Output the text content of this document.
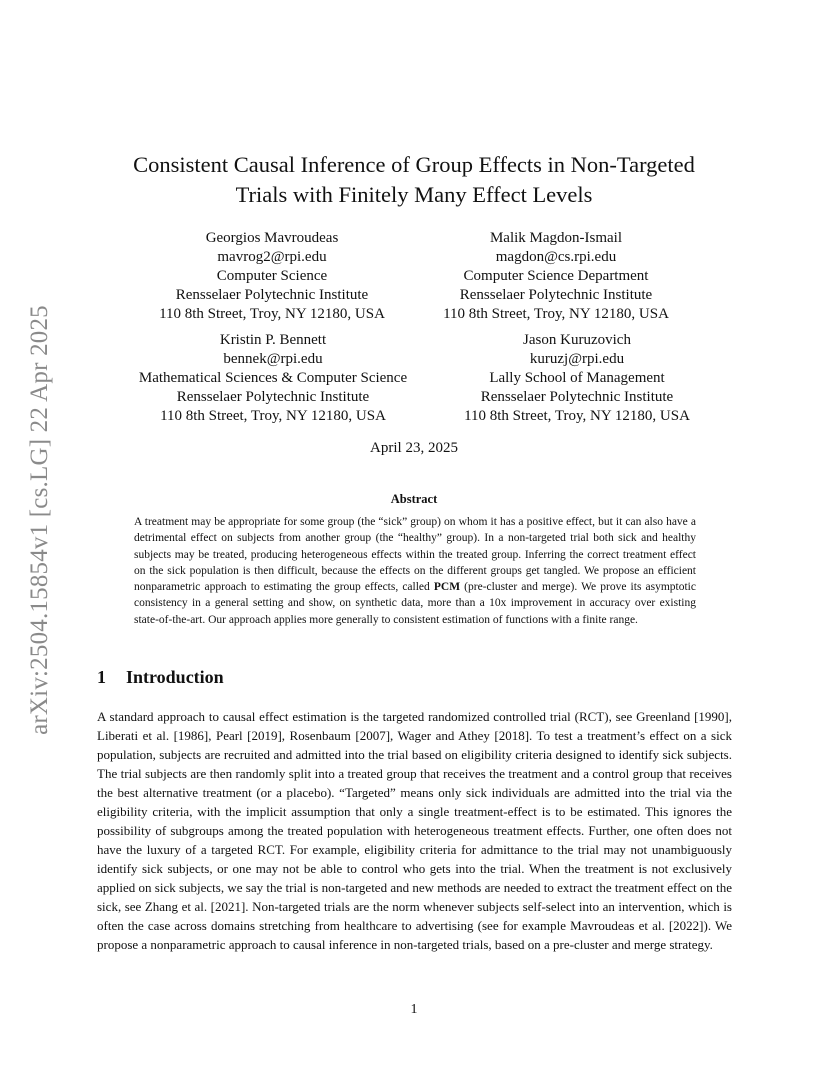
arXiv:2504.15854v1 [cs.LG] 22 Apr 2025
Consistent Causal Inference of Group Effects in Non-Targeted
Trials with Finitely Many Effect Levels
Georgios Mavroudeas
mavrog2@rpi.edu
Computer Science
Rensselaer Polytechnic Institute
110 8th Street, Troy, NY 12180, USA
Malik Magdon-Ismail
magdon@cs.rpi.edu
Computer Science Department
Rensselaer Polytechnic Institute
110 8th Street, Troy, NY 12180, USA
Kristin P. Bennett
bennek@rpi.edu
Mathematical Sciences & Computer Science
Rensselaer Polytechnic Institute
110 8th Street, Troy, NY 12180, USA
Jason Kuruzovich
kuruzj@rpi.edu
Lally School of Management
Rensselaer Polytechnic Institute
110 8th Street, Troy, NY 12180, USA
April 23, 2025
Abstract
A treatment may be appropriate for some group (the “sick” group) on whom it has a positive effect, but it can also have a detrimental effect on subjects from another group (the “healthy” group). In a non-targeted trial both sick and healthy subjects may be treated, producing heterogeneous effects within the treated group. Inferring the correct treatment effect on the sick population is then difficult, because the effects on the different groups get tangled. We propose an efficient nonparametric approach to estimating the group effects, called PCM (pre-cluster and merge). We prove its asymptotic consistency in a general setting and show, on synthetic data, more than a 10x improvement in accuracy over existing state-of-the-art. Our approach applies more generally to consistent estimation of functions with a finite range.
1 Introduction
A standard approach to causal effect estimation is the targeted randomized controlled trial (RCT), see Greenland [1990], Liberati et al. [1986], Pearl [2019], Rosenbaum [2007], Wager and Athey [2018]. To test a treatment’s effect on a sick population, subjects are recruited and admitted into the trial based on eligibility criteria designed to identify sick subjects. The trial subjects are then randomly split into a treated group that receives the treatment and a control group that receives the best alternative treatment (or a placebo). “Targeted” means only sick individuals are admitted into the trial via the eligibility criteria, with the implicit assumption that only a single treatment-effect is to be estimated. This ignores the possibility of subgroups among the treated population with heterogeneous treatment effects. Further, one often does not have the luxury of a targeted RCT. For example, eligibility criteria for admittance to the trial may not unambiguously identify sick subjects, or one may not be able to control who gets into the trial. When the treatment is not exclusively applied on sick subjects, we say the trial is non-targeted and new methods are needed to extract the treatment effect on the sick, see Zhang et al. [2021]. Non-targeted trials are the norm whenever subjects self-select into an intervention, which is often the case across domains stretching from healthcare to advertising (see for example Mavroudeas et al. [2022]). We propose a nonparametric approach to causal inference in non-targeted trials, based on a pre-cluster and merge strategy.
1
